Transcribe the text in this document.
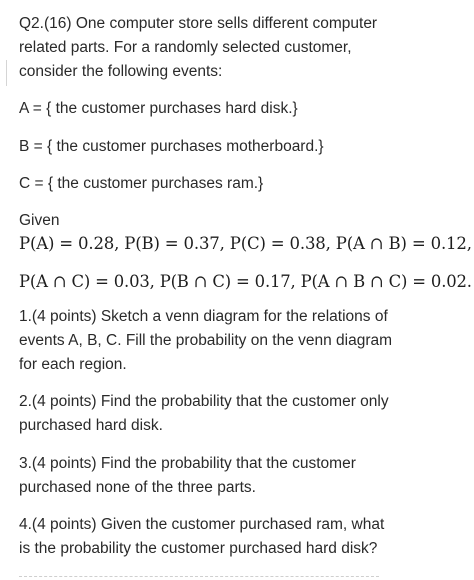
Q2.(16) One computer store sells different computer
related parts. For a randomly selected customer,
consider the following events:
A = { the customer purchases hard disk.}
B = { the customer purchases motherboard.}
C = { the customer purchases ram.}
Given
P(A) = 0.28, P(B) = 0.37, P(C) = 0.38, P(A ∩ B) = 0.12,
P(A ∩ C) = 0.03, P(B ∩ C) = 0.17, P(A ∩ B ∩ C) = 0.02.
1.(4 points) Sketch a venn diagram for the relations of
events A, B, C. Fill the probability on the venn diagram
for each region.
2.(4 points) Find the probability that the customer only
purchased hard disk.
3.(4 points) Find the probability that the customer
purchased none of the three parts.
4.(4 points) Given the customer purchased ram, what
is the probability the customer purchased hard disk?
